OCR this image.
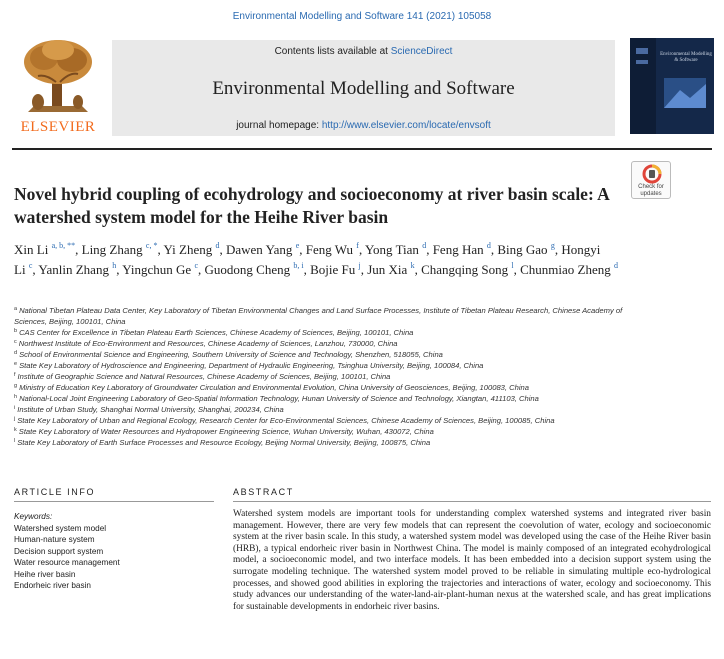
Environmental Modelling and Software 141 (2021) 105058
ELSEVIER
Contents lists available at ScienceDirect
Environmental Modelling and Software
journal homepage: http://www.elsevier.com/locate/envsoft
Environmental Modelling & Software
Novel hybrid coupling of ecohydrology and socioeconomy at river basin scale: A watershed system model for the Heihe River basin
Check for updates
Xin Li $^{a, b, **}$, Ling Zhang $^{c, *}$, Yi Zheng $^d$, Dawen Yang $^e$, Feng Wu $^f$, Yong Tian $^d$, Feng Han $^d$, Bing Gao $^g$, Hongyi Li $^c$, Yanlin Zhang $^h$, Yingchun Ge $^c$, Guodong Cheng $^{b, i}$, Bojie Fu $^j$, Jun Xia $^k$, Changqing Song $^l$, Chunmiao Zheng $^d$
$^a$ National Tibetan Plateau Data Center, Key Laboratory of Tibetan Environmental Changes and Land Surface Processes, Institute of Tibetan Plateau Research, Chinese Academy of Sciences, Beijing, 100101, China
$^b$ CAS Center for Excellence in Tibetan Plateau Earth Sciences, Chinese Academy of Sciences, Beijing, 100101, China
$^c$ Northwest Institute of Eco-Environment and Resources, Chinese Academy of Sciences, Lanzhou, 730000, China
$^d$ School of Environmental Science and Engineering, Southern University of Science and Technology, Shenzhen, 518055, China
$^e$ State Key Laboratory of Hydroscience and Engineering, Department of Hydraulic Engineering, Tsinghua University, Beijing, 100084, China
$^f$ Institute of Geographic Science and Natural Resources, Chinese Academy of Sciences, Beijing, 100101, China
$^g$ Ministry of Education Key Laboratory of Groundwater Circulation and Environmental Evolution, China University of Geosciences, Beijing, 100083, China
$^h$ National-Local Joint Engineering Laboratory of Geo-Spatial Information Technology, Hunan University of Science and Technology, Xiangtan, 411103, China
$^i$ Institute of Urban Study, Shanghai Normal University, Shanghai, 200234, China
$^j$ State Key Laboratory of Urban and Regional Ecology, Research Center for Eco-Environmental Sciences, Chinese Academy of Sciences, Beijing, 100085, China
$^k$ State Key Laboratory of Water Resources and Hydropower Engineering Science, Wuhan University, Wuhan, 430072, China
$^l$ State Key Laboratory of Earth Surface Processes and Resource Ecology, Beijing Normal University, Beijing, 100875, China
ARTICLE INFO	ABSTRACT
Keywords:
Watershed system model
Human-nature system
Decision support system
Water resource management
Heihe river basin
Endorheic river basin

Watershed system models are important tools for understanding complex watershed systems and integrated river basin management. However, there are very few models that can represent the coevolution of water, ecology and socioeconomic system at the river basin scale. In this study, a watershed system model was developed using the case of the Heihe River basin (HRB), a typical endorheic river basin in Northwest China. The model is mainly composed of an integrated ecohydrological model, a socioeconomic model, and two interface models. It has been embedded into a decision support system using the surrogate modeling technique. The watershed system model proved to be reliable in simulating multiple eco-hydrological processes, and showed good abilities in exploring the trajectories and interactions of water, ecology and socioeconomy. This study advances our understanding of the water-land-air-plant-human nexus at the watershed scale, and has great implications for sustainable developments in endorheic river basins.
